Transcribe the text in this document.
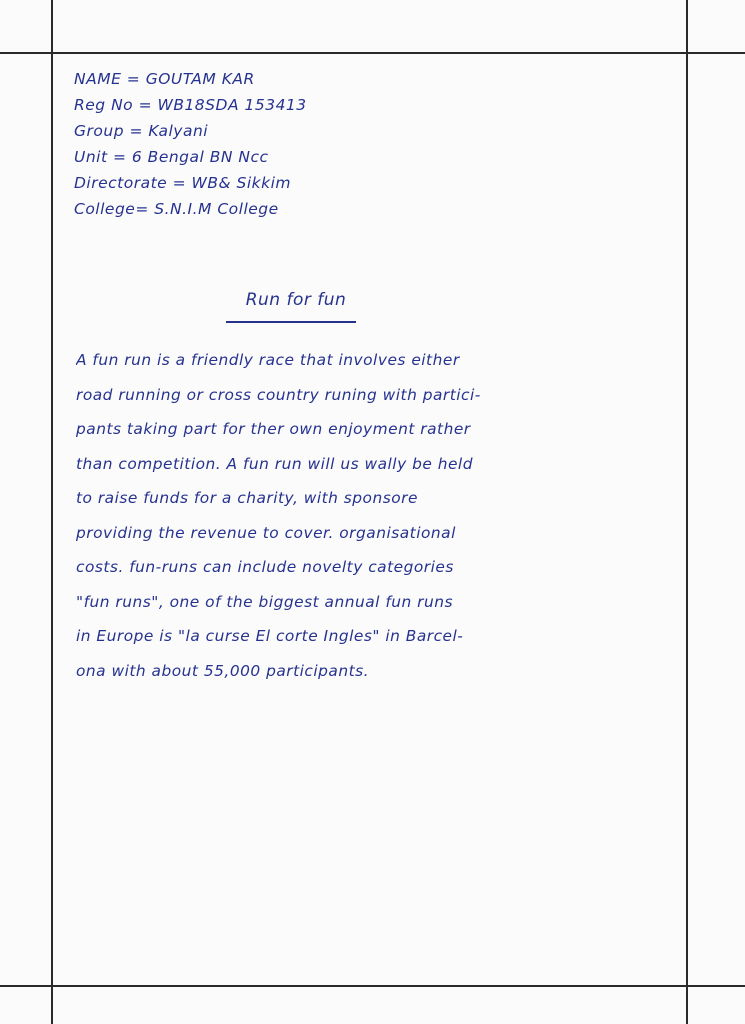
NAME = GOUTAM KAR
Reg No = WB18SDA 153413
Group = Kalyani
Unit = 6 Bengal BN Ncc
Directorate = WB& Sikkim
College= S.N.I.M College
Run for fun
A fun run is a friendly race that involves either
road running or cross country runing with partici-
pants taking part for ther own enjoyment rather
than competition. A fun run will us wally be held
to raise funds for a charity, with sponsore
providing the revenue to cover. organisational
costs. fun-runs can include novelty categories
"fun runs", one of the biggest annual fun runs
in Europe is "la curse El corte Ingles" in Barcel-
ona with about 55,000 participants.
